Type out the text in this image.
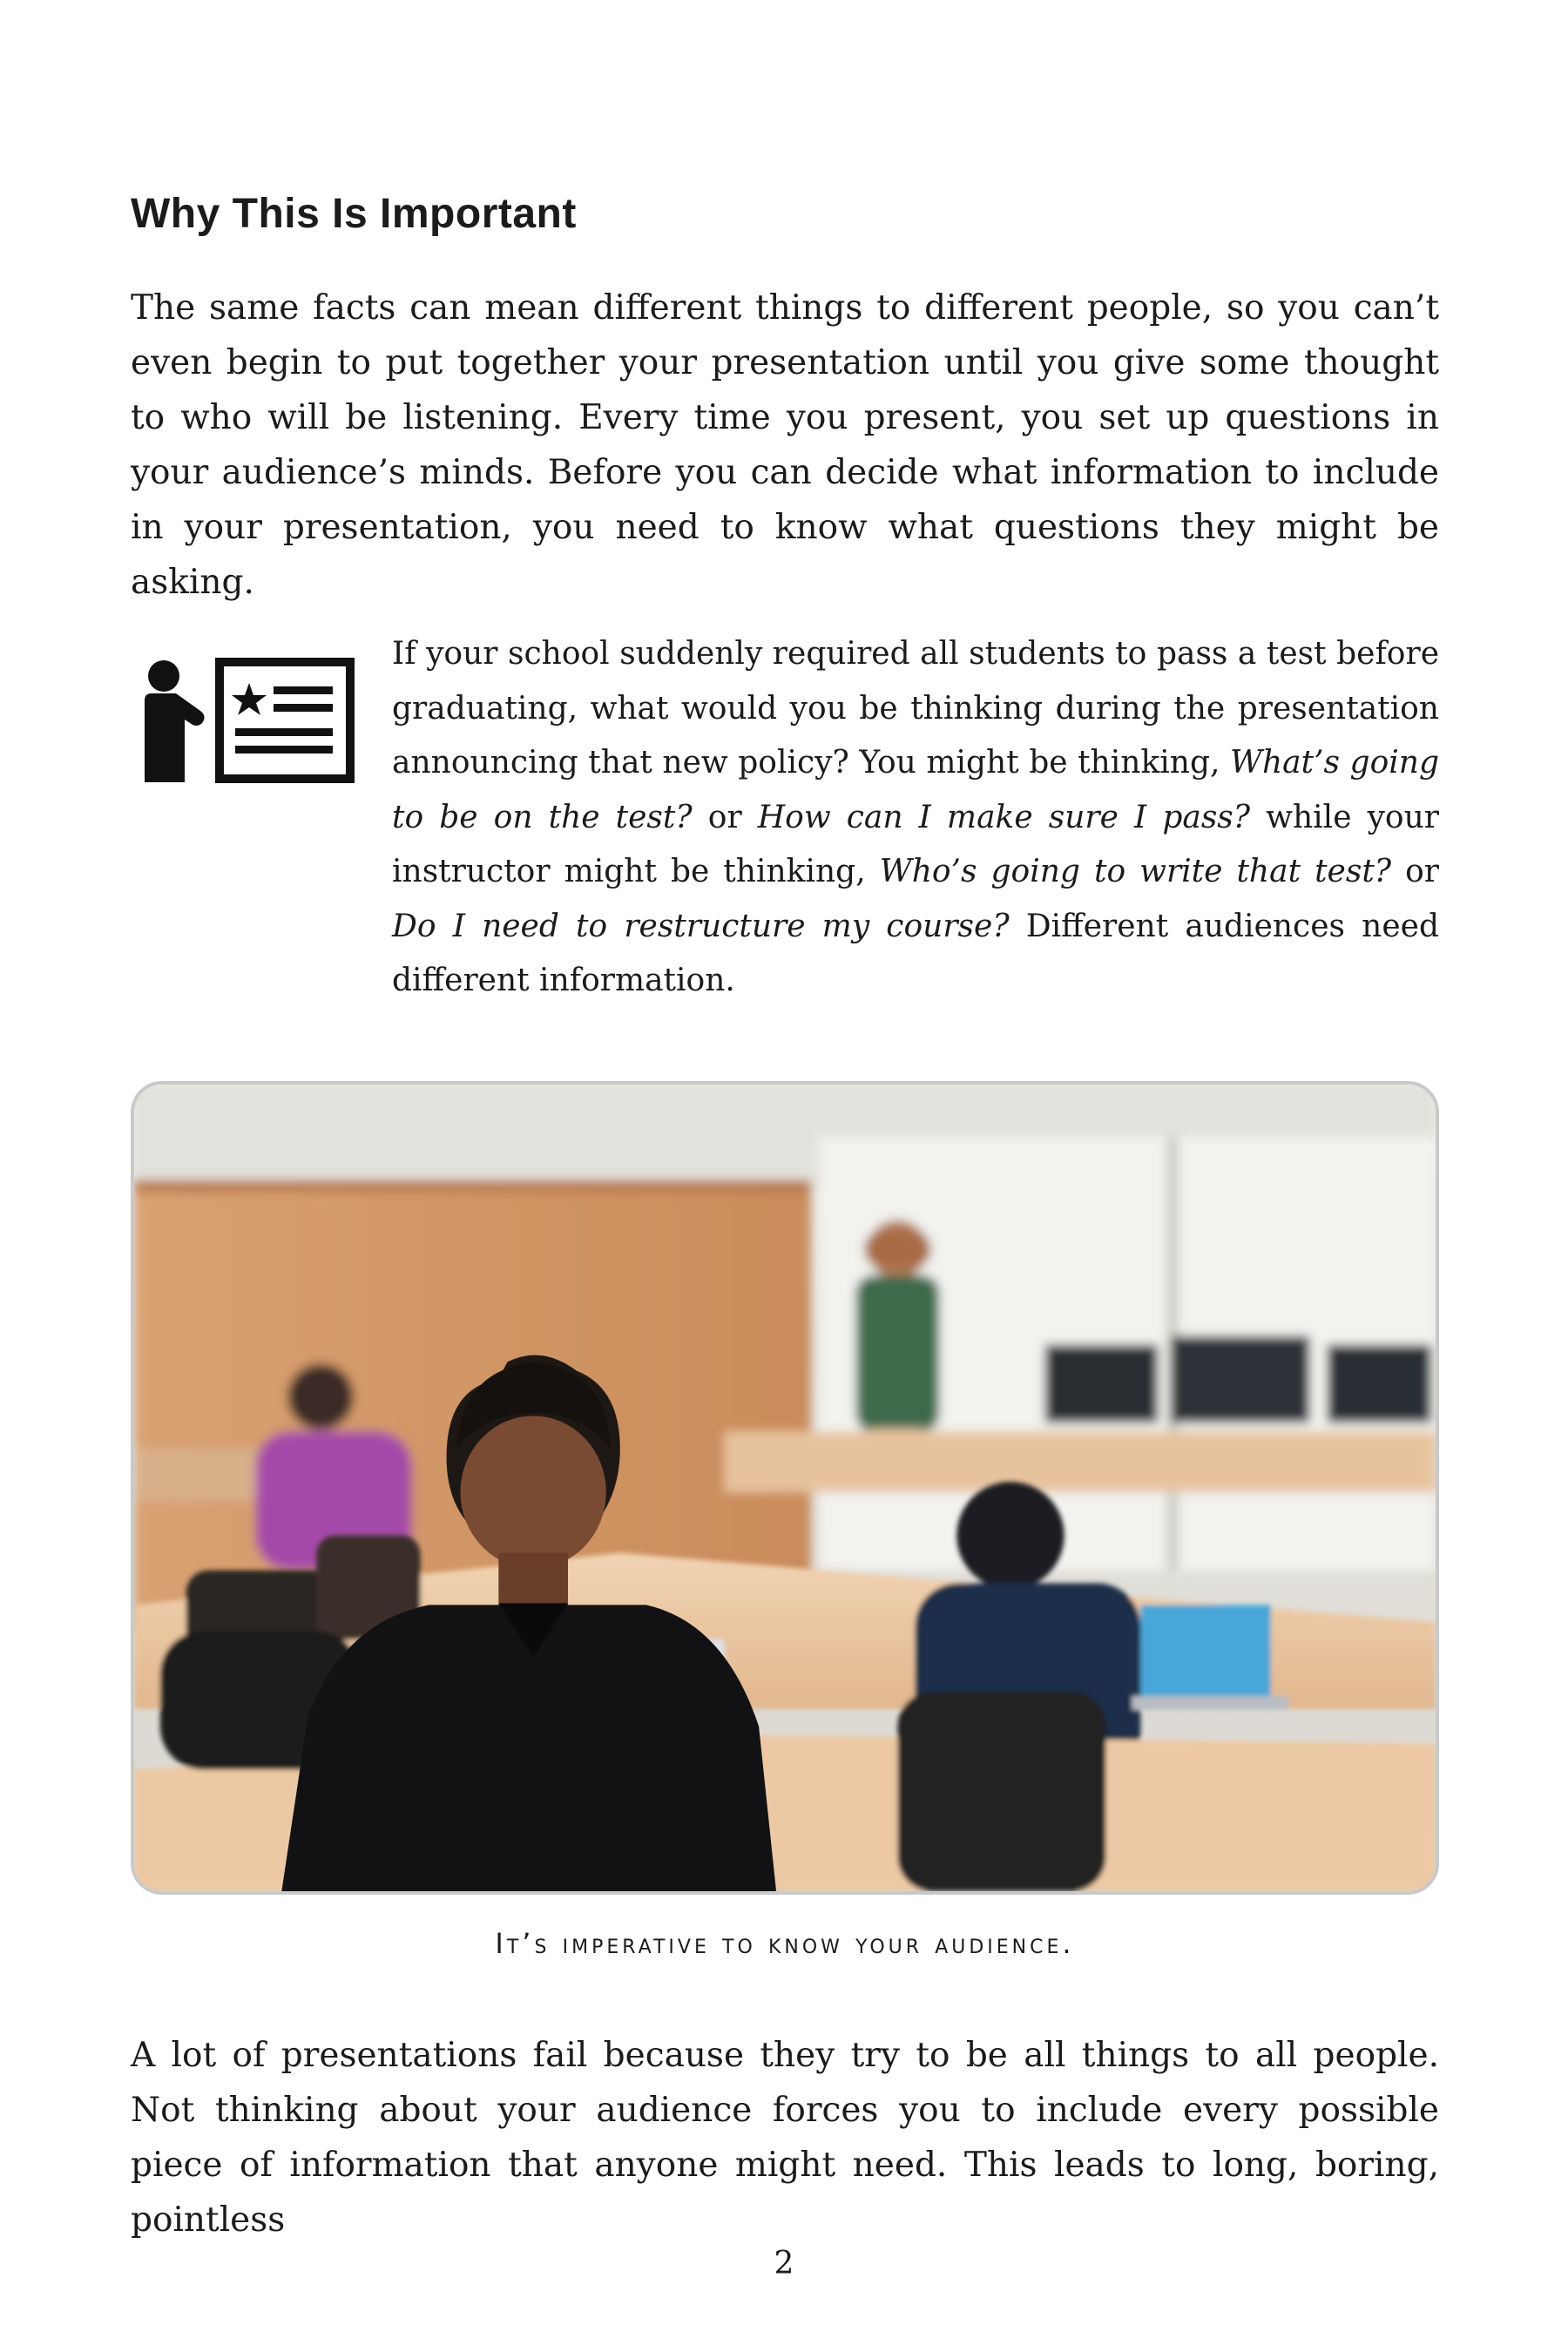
Why This Is Important

The same facts can mean different things to different people, so you can’t even begin to put together your presentation until you give some thought to who will be listening. Every time you present, you set up questions in your audience’s minds. Before you can decide what information to include in your presentation, you need to know what questions they might be asking.

If your school suddenly required all students to pass a test before graduating, what would you be thinking during the presentation announcing that new policy? You might be thinking, What’s going to be on the test? or How can I make sure I pass? while your instructor might be thinking, Who’s going to write that test? or Do I need to restructure my course? Different audiences need different information.

It’s imperative to know your audience.

A lot of presentations fail because they try to be all things to all people. Not thinking about your audience forces you to include every possible piece of information that anyone might need. This leads to long, boring, pointless

2
